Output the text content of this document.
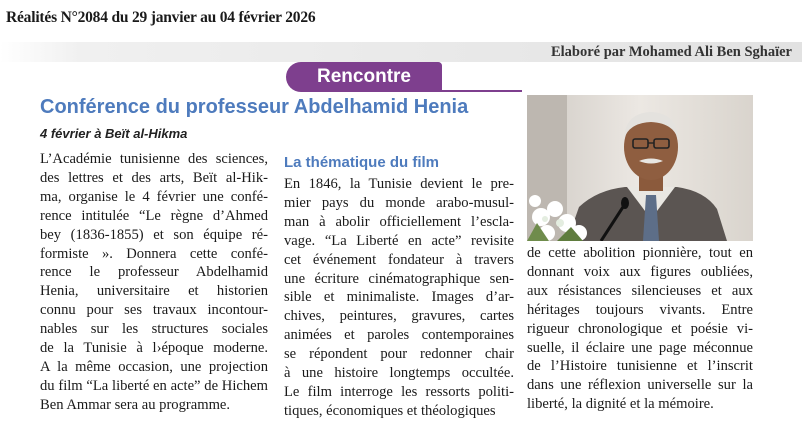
Réalités N°2084 du 29 janvier au 04 février 2026
Elaboré par Mohamed Ali Ben Sghaïer
Rencontre
Conférence du professeur Abdelhamid Henia
4 février à Beït al-Hikma
L’Académie tunisienne des sciences,
des lettres et des arts, Beït al-Hik-
ma, organise le 4 février une confé-
rence intitulée “Le règne d’Ahmed
bey (1836-1855) et son équipe ré-
formiste ». Donnera cette confé-
rence le professeur Abdelhamid
Henia, universitaire et historien
connu pour ses travaux incontour-
nables sur les structures sociales
de la Tunisie à l›époque moderne.
A la même occasion, une projection
du film “La liberté en acte” de Hichem
Ben Ammar sera au programme.
La thématique du film
En 1846, la Tunisie devient le pre-
mier pays du monde arabo-musul-
man à abolir officiellement l’escla-
vage. “La Liberté en acte” revisite
cet événement fondateur à travers
une écriture cinématographique sen-
sible et minimaliste. Images d’ar-
chives, peintures, gravures, cartes
animées et paroles contemporaines
se répondent pour redonner chair
à une histoire longtemps occultée.
Le film interroge les ressorts politi-
tiques, économiques et théologiques
de cette abolition pionnière, tout en
donnant voix aux figures oubliées,
aux résistances silencieuses et aux
héritages toujours vivants. Entre
rigueur chronologique et poésie vi-
suelle, il éclaire une page méconnue
de l’Histoire tunisienne et l’inscrit
dans une réflexion universelle sur la
liberté, la dignité et la mémoire.
